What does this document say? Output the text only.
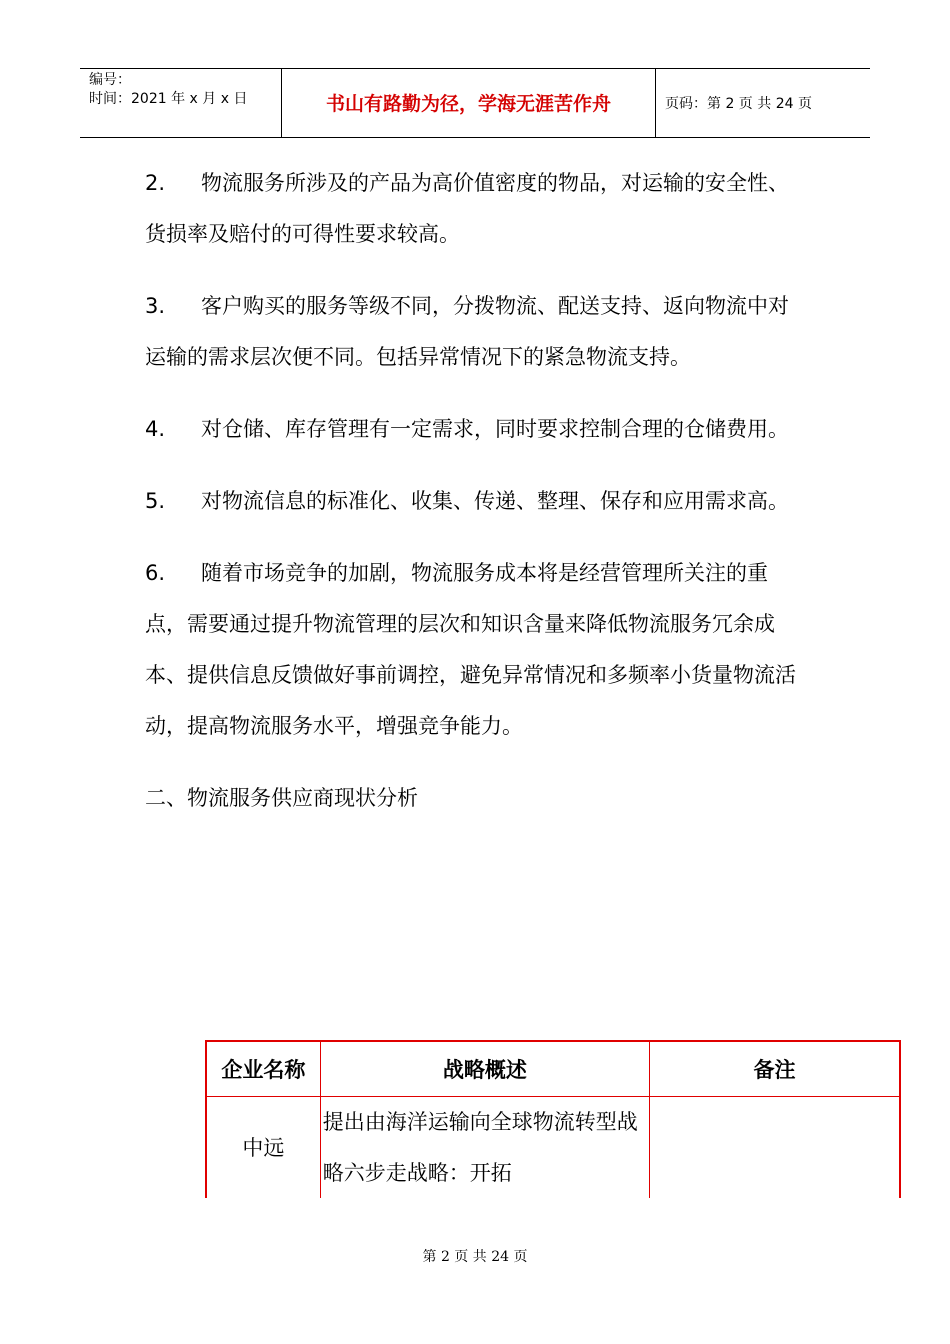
编号：
时间：2021 年 x 月 x 日	书山有路勤为径，学海无涯苦作舟	页码：第 2 页 共 24 页
2. 物流服务所涉及的产品为高价值密度的物品，对运输的安全性、货损率及赔付的可得性要求较高。
3. 客户购买的服务等级不同，分拨物流、配送支持、返向物流中对运输的需求层次便不同。包括异常情况下的紧急物流支持。
4. 对仓储、库存管理有一定需求，同时要求控制合理的仓储费用。
5. 对物流信息的标准化、收集、传递、整理、保存和应用需求高。
6. 随着市场竞争的加剧，物流服务成本将是经营管理所关注的重点，需要通过提升物流管理的层次和知识含量来降低物流服务冗余成本、提供信息反馈做好事前调控，避免异常情况和多频率小货量物流活动，提高物流服务水平，增强竞争能力。
二、物流服务供应商现状分析
企业名称	战略概述	备注

中远	提出由海洋运输向全球物流转型战略六步走战略：开拓	
第 2 页 共 24 页
